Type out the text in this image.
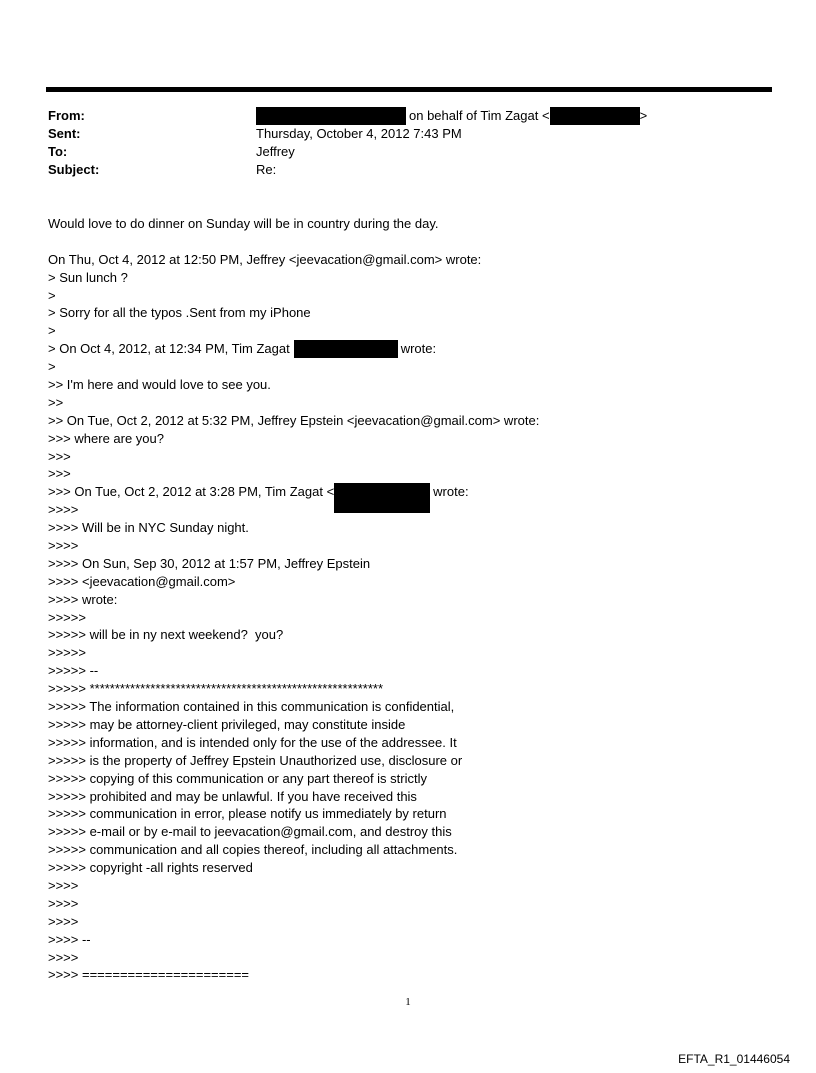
From:	on behalf of Tim Zagat <	>
Sent:	Thursday, October 4, 2012 7:43 PM
To:	Jeffrey
Subject:	Re:
Would love to do dinner on Sunday will be in country during the day.
On Thu, Oct 4, 2012 at 12:50 PM, Jeffrey <jeevacation@gmail.com> wrote:
> Sun lunch ?
>
> Sorry for all the typos .Sent from my iPhone
>
> On Oct 4, 2012, at 12:34 PM, Tim Zagat	wrote:
>
>> I'm here and would love to see you.
>>
>> On Tue, Oct 2, 2012 at 5:32 PM, Jeffrey Epstein <jeevacation@gmail.com> wrote:
>>> where are you?
>>>
>>>
>>> On Tue, Oct 2, 2012 at 3:28 PM, Tim Zagat <	wrote:
>>>>
>>>> Will be in NYC Sunday night.
>>>>
>>>> On Sun, Sep 30, 2012 at 1:57 PM, Jeffrey Epstein
>>>> <jeevacation@gmail.com>
>>>> wrote:
>>>>>
>>>>> will be in ny next weekend?  you?
>>>>>
>>>>> --
>>>>> **********************************************************
>>>>> The information contained in this communication is confidential,
>>>>> may be attorney-client privileged, may constitute inside
>>>>> information, and is intended only for the use of the addressee. It
>>>>> is the property of Jeffrey Epstein Unauthorized use, disclosure or
>>>>> copying of this communication or any part thereof is strictly
>>>>> prohibited and may be unlawful. If you have received this
>>>>> communication in error, please notify us immediately by return
>>>>> e-mail or by e-mail to jeevacation@gmail.com, and destroy this
>>>>> communication and all copies thereof, including all attachments.
>>>>> copyright -all rights reserved
>>>>
>>>>
>>>>
>>>> --
>>>>
>>>> ======================
1
EFTA_R1_01446054
